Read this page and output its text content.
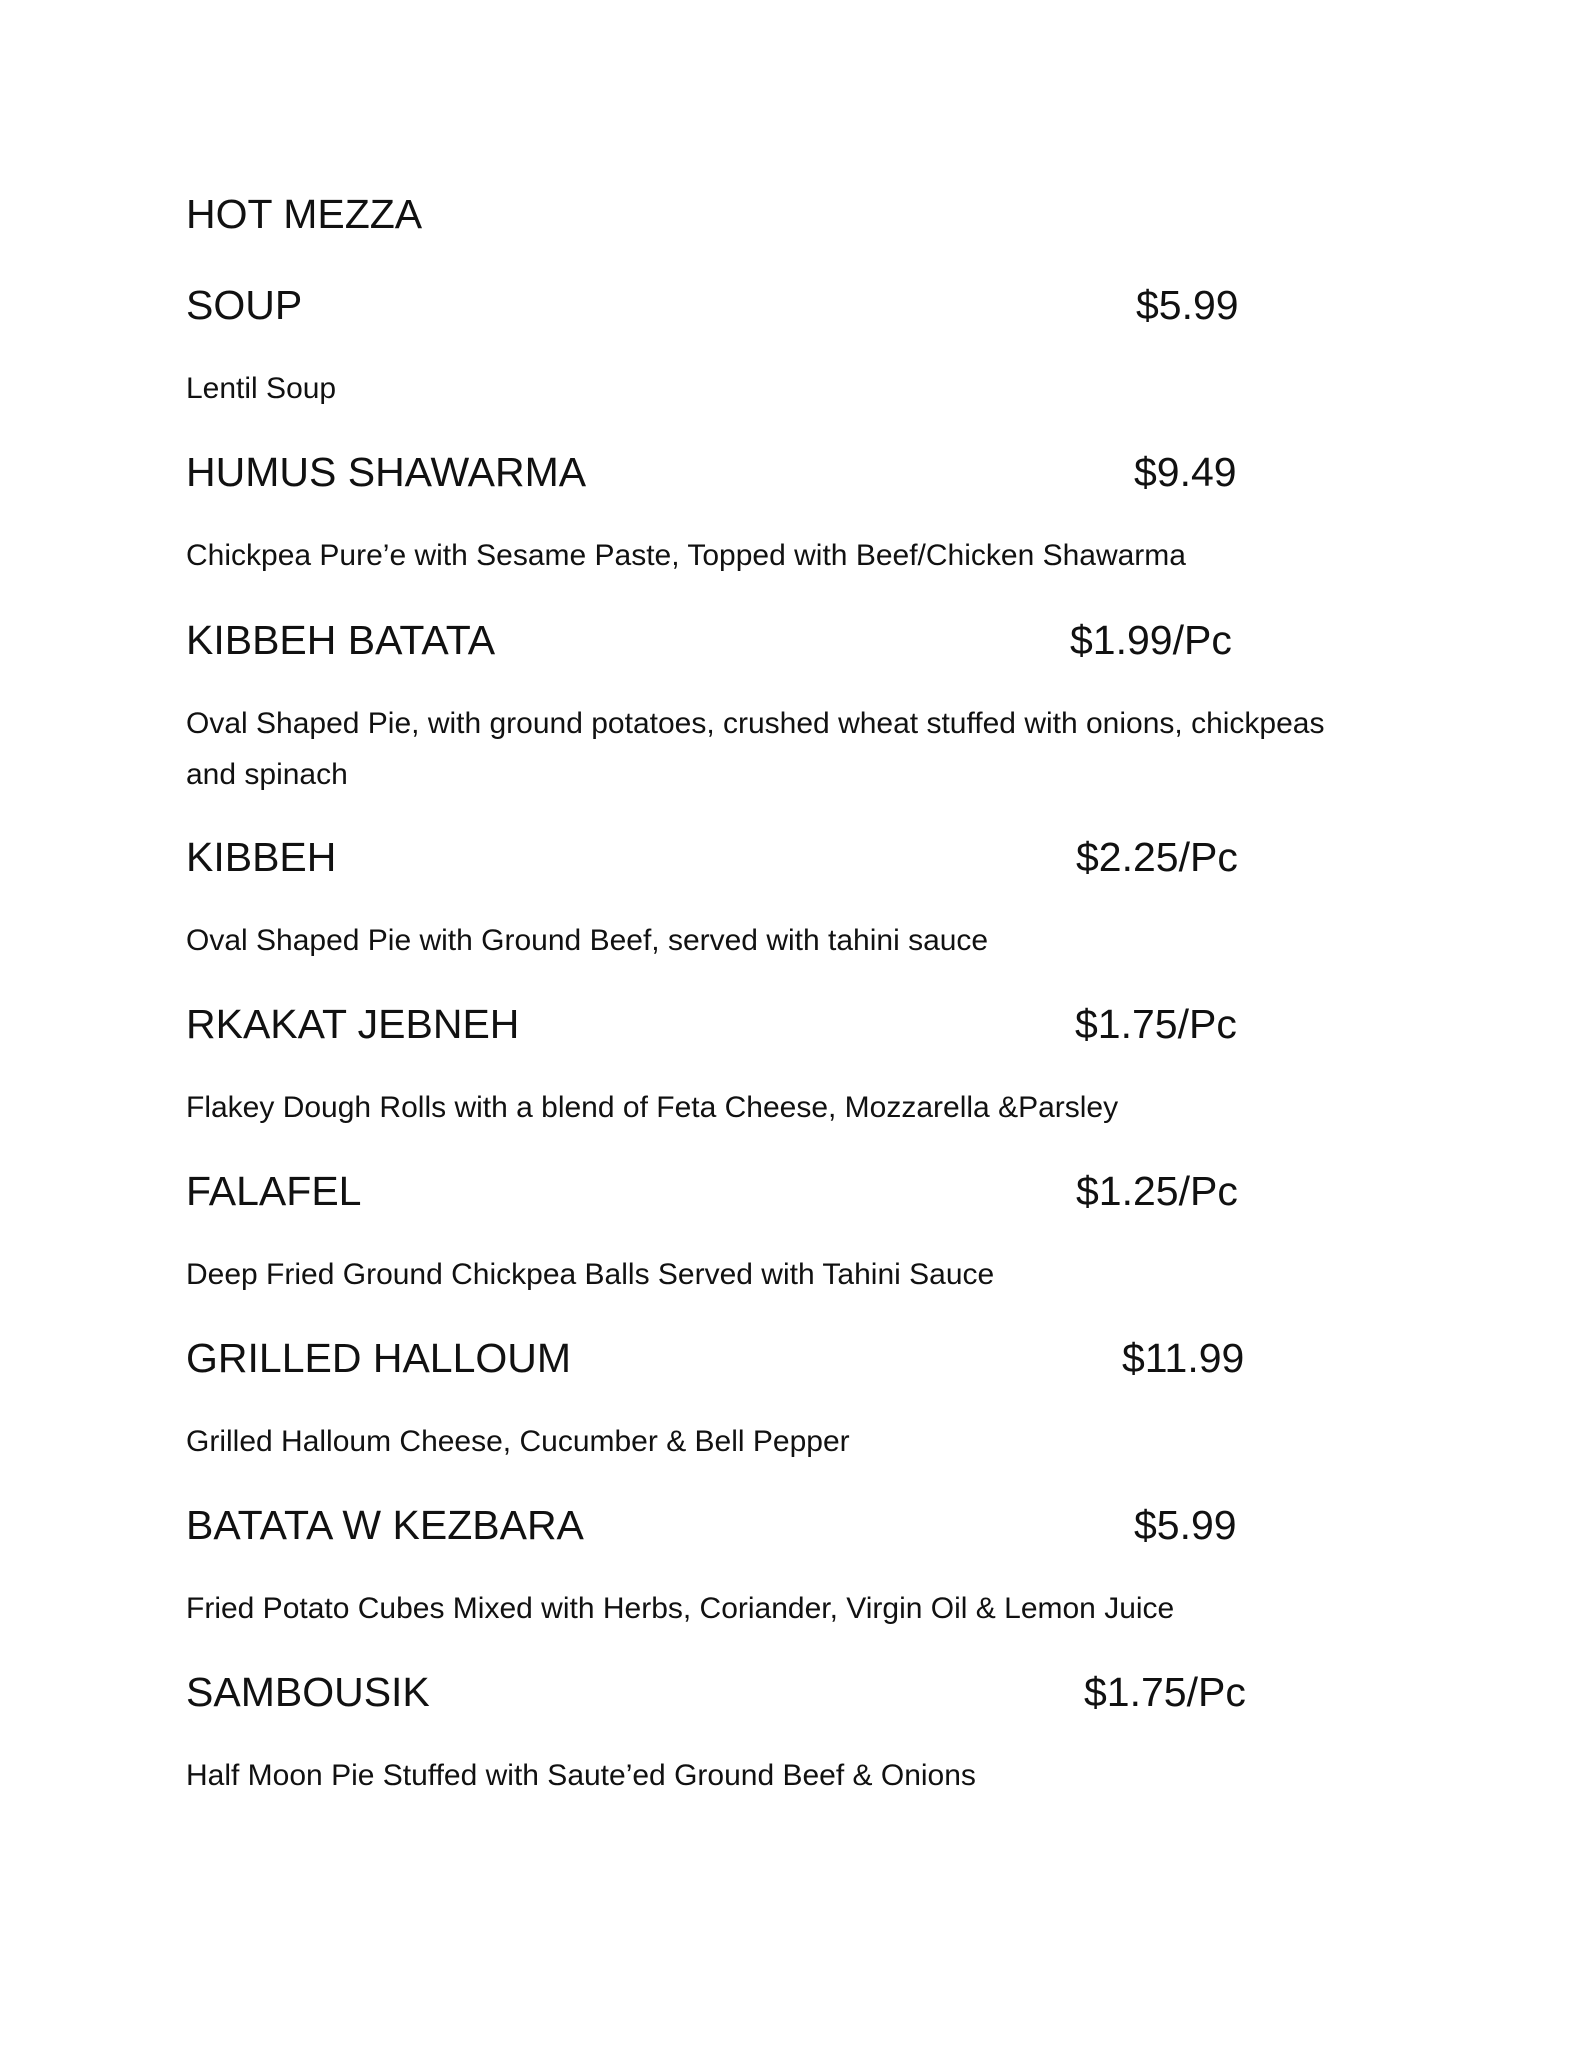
HOT MEZZA
SOUP	$5.99
Lentil Soup
HUMUS SHAWARMA	$9.49
Chickpea Pure’e with Sesame Paste, Topped with Beef/Chicken Shawarma
KIBBEH BATATA	$1.99/Pc
Oval Shaped Pie, with ground potatoes, crushed wheat stuffed with onions, chickpeas and spinach
KIBBEH	$2.25/Pc
Oval Shaped Pie with Ground Beef, served with tahini sauce
RKAKAT JEBNEH	$1.75/Pc
Flakey Dough Rolls with a blend of Feta Cheese, Mozzarella &Parsley
FALAFEL	$1.25/Pc
Deep Fried Ground Chickpea Balls Served with Tahini Sauce
GRILLED HALLOUM	$11.99
Grilled Halloum Cheese, Cucumber & Bell Pepper
BATATA W KEZBARA	$5.99
Fried Potato Cubes Mixed with Herbs, Coriander, Virgin Oil & Lemon Juice
SAMBOUSIK	$1.75/Pc
Half Moon Pie Stuffed with Saute’ed Ground Beef & Onions
